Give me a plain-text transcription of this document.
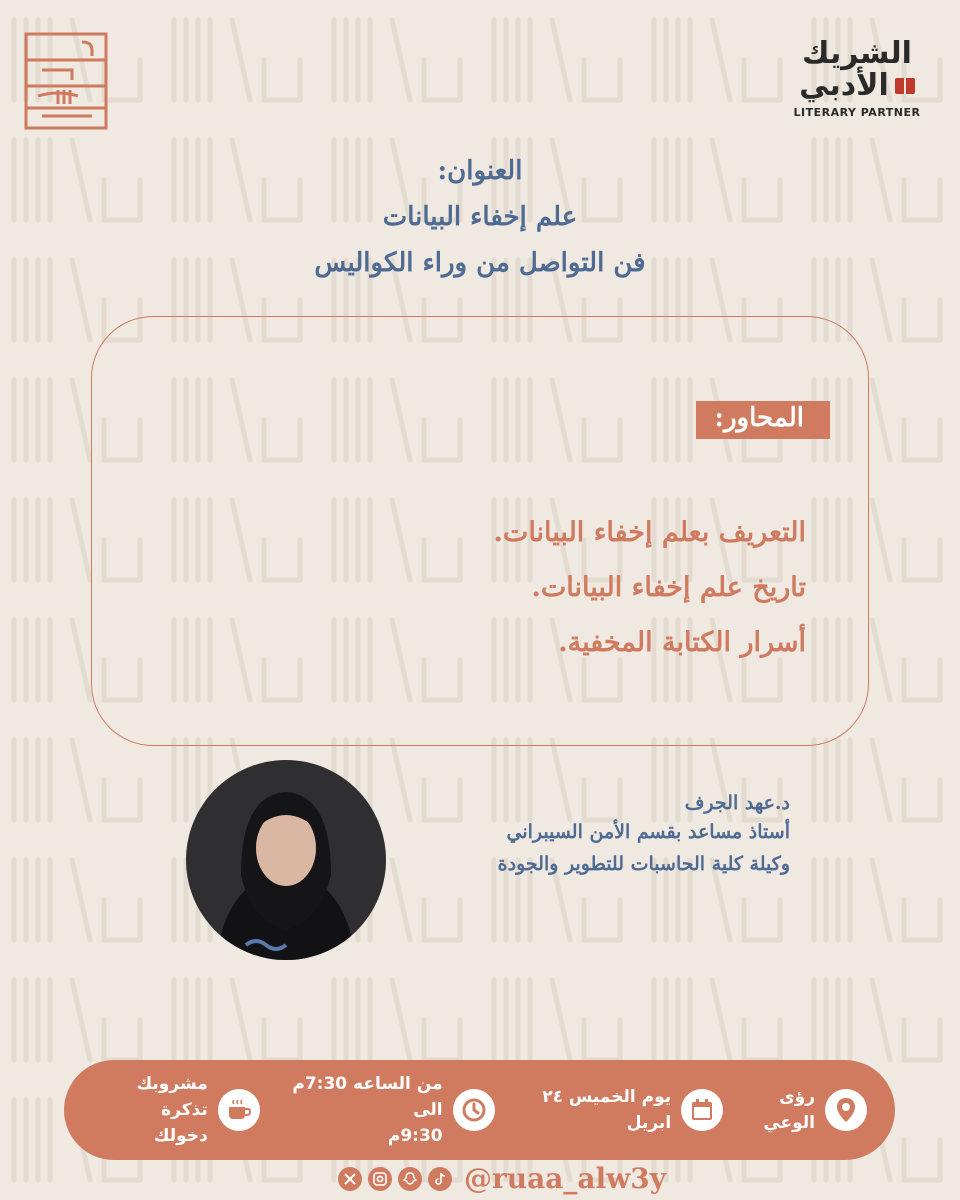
الشريك
الأدبي
LITERARY PARTNER
العنوان:
علم إخفاء البيانات
فن التواصل من وراء الكواليس
المحاور:
التعريف بعلم إخفاء البيانات.
تاريخ علم إخفاء البيانات.
أسرار الكتابة المخفية.
د.عهد الجرف
أستاذ مساعد بقسم الأمن السيبراني
وكيلة كلية الحاسبات للتطوير والجودة
رؤى الوعي
يوم الخميس ٢٤ ابريل
من الساعه 7:30م الى
9:30م
مشروبك تذكرة
دخولك
@ruaa_alw3y
